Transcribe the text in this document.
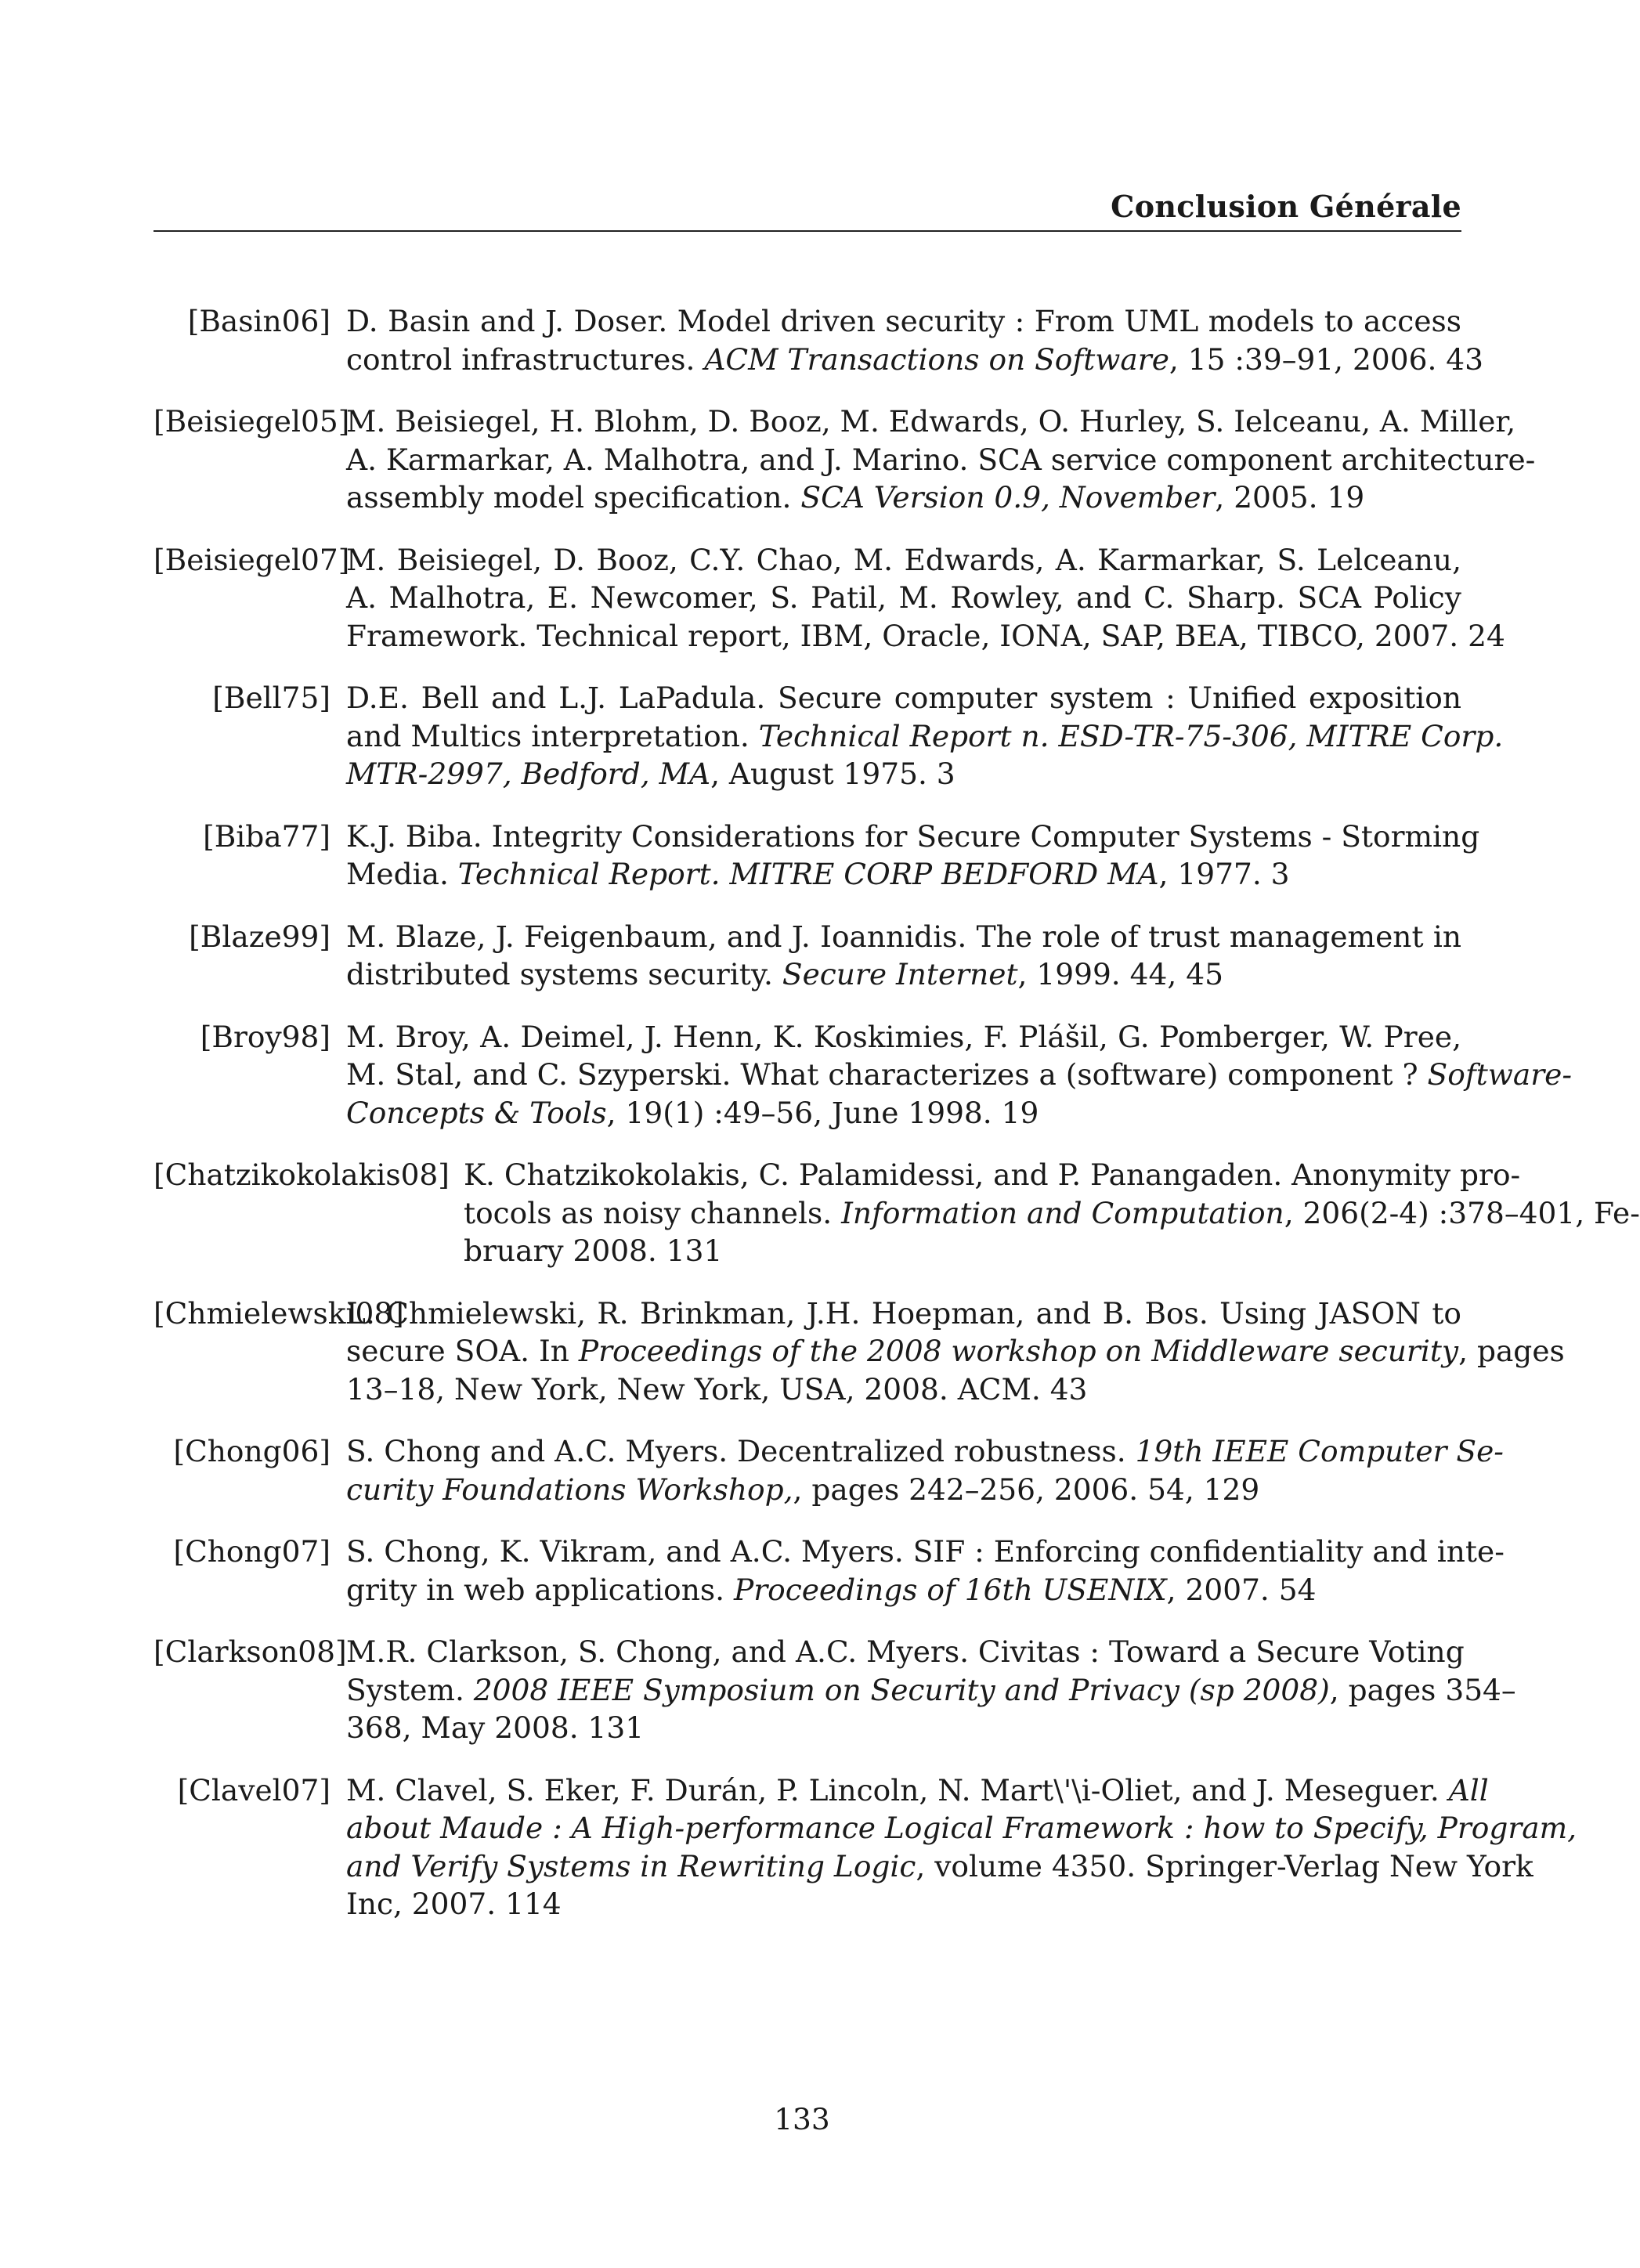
Conclusion Générale
[Basin06] D. Basin and J. Doser. Model driven security : From UML models to access
control infrastructures. ACM Transactions on Software, 15 :39–91, 2006. 43
[Beisiegel05]
M. Beisiegel, H. Blohm, D. Booz, M. Edwards, O. Hurley, S. Ielceanu, A. Miller,
A. Karmarkar, A. Malhotra, and J. Marino. SCA service component architecture-
assembly model specification. SCA Version 0.9, November, 2005. 19
[Beisiegel07]
M. Beisiegel, D. Booz, C.Y. Chao, M. Edwards, A. Karmarkar, S. Lelceanu,
A. Malhotra, E. Newcomer, S. Patil, M. Rowley, and C. Sharp. SCA Policy
Framework. Technical report, IBM, Oracle, IONA, SAP, BEA, TIBCO, 2007. 24
[Bell75] D.E. Bell and L.J. LaPadula. Secure computer system : Unified exposition
and Multics interpretation. Technical Report n. ESD-TR-75-306, MITRE Corp.
MTR-2997, Bedford, MA, August 1975. 3
[Biba77] K.J. Biba. Integrity Considerations for Secure Computer Systems - Storming
Media. Technical Report. MITRE CORP BEDFORD MA, 1977. 3
[Blaze99] M. Blaze, J. Feigenbaum, and J. Ioannidis. The role of trust management in
distributed systems security. Secure Internet, 1999. 44, 45
[Broy98] M. Broy, A. Deimel, J. Henn, K. Koskimies, F. Plášil, G. Pomberger, W. Pree,
M. Stal, and C. Szyperski. What characterizes a (software) component ? Software-
Concepts & Tools, 19(1) :49–56, June 1998. 19
[Chatzikokolakis08] K. Chatzikokolakis, C. Palamidessi, and P. Panangaden. Anonymity pro-
tocols as noisy channels. Information and Computation, 206(2-4) :378–401, Fe-
bruary 2008. 131
[Chmielewski08]
L. Chmielewski, R. Brinkman, J.H. Hoepman, and B. Bos. Using JASON to
secure SOA. In Proceedings of the 2008 workshop on Middleware security, pages
13–18, New York, New York, USA, 2008. ACM. 43
[Chong06] S. Chong and A.C. Myers. Decentralized robustness. 19th IEEE Computer Se-
curity Foundations Workshop,, pages 242–256, 2006. 54, 129
[Chong07] S. Chong, K. Vikram, and A.C. Myers. SIF : Enforcing confidentiality and inte-
grity in web applications. Proceedings of 16th USENIX, 2007. 54
[Clarkson08] M.R. Clarkson, S. Chong, and A.C. Myers. Civitas : Toward a Secure Voting
System. 2008 IEEE Symposium on Security and Privacy (sp 2008), pages 354–
368, May 2008. 131
[Clavel07] M. Clavel, S. Eker, F. Durán, P. Lincoln, N. Mart\'\i-Oliet, and J. Meseguer. All
about Maude : A High-performance Logical Framework : how to Specify, Program,
and Verify Systems in Rewriting Logic, volume 4350. Springer-Verlag New York
Inc, 2007. 114
133
